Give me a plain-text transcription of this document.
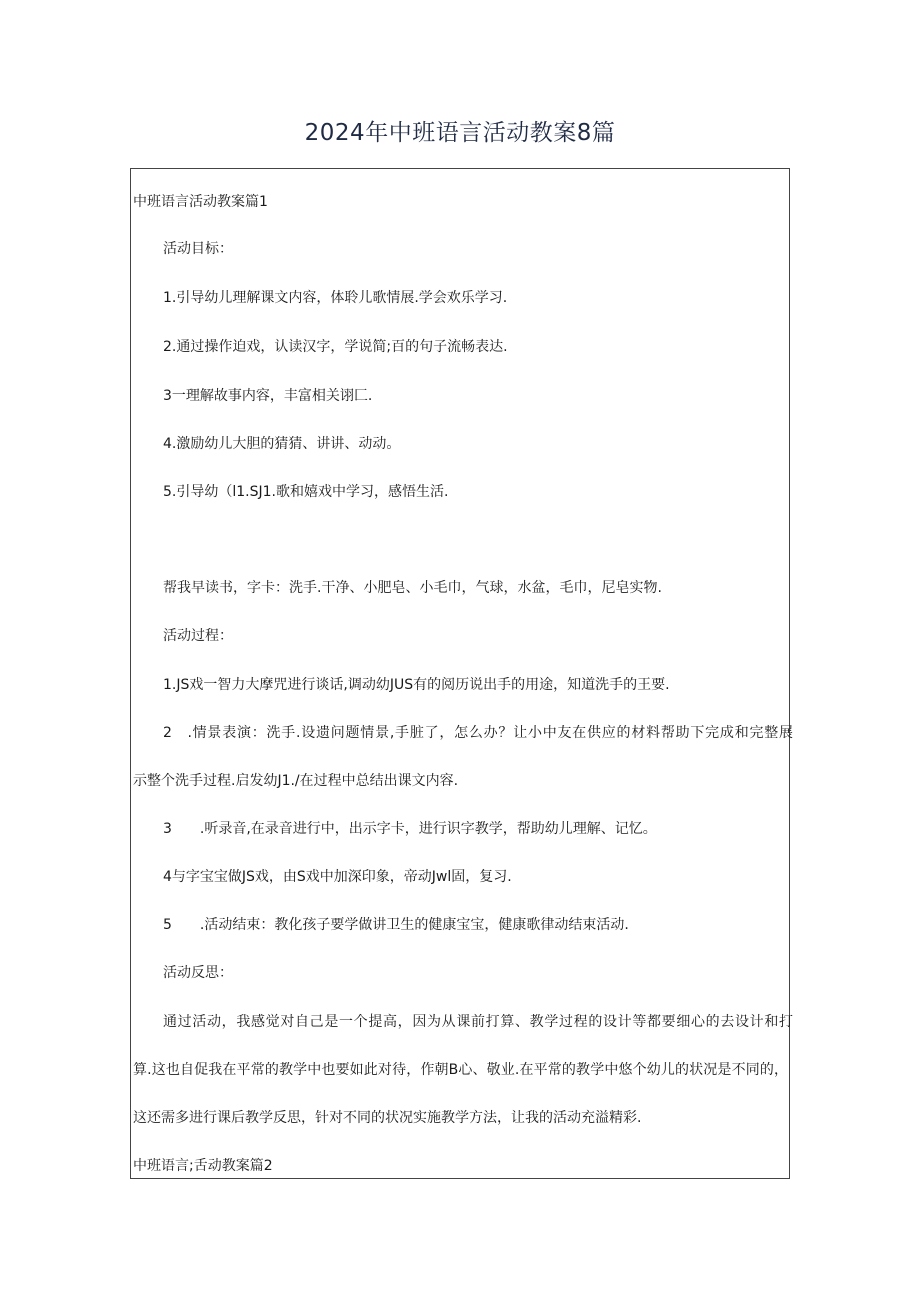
2024年中班语言活动教案8篇
中班语言活动教案篇1
活动目标：
1.引导幼儿理解课文内容，体聆儿歌情展.学会欢乐学习.
2.通过操作迫戏，认读汉字，学说简;百的句子流畅表达.
3一理解故事内容，丰富相关诩匚.
4.激励幼儿大胆的猜猜、讲讲、动动。
5.引导幼（l1.SJ1.歌和嬉戏中学习，感悟生活.
帮我早读书，字卡：洗手.干净、小肥皂、小毛巾，气球，水盆，毛巾，尼皂实物.
活动过程：
1.JS戏一智力大摩咒进行谈话,调动幼JUS有的阅历说出手的用途，知道洗手的王要.
2　.情景表演：洗手.设遗问题情景,手脏了，怎么办？让小中友在供应的材料帮助下完成和完整展
示整个洗手过程.启发幼J1./在过程中总结出课文内容.
3　　.听录音,在录音进行中，出示字卡，进行识字教学，帮助幼儿理解、记忆。
4与字宝宝做JS戏，由S戏中加深印象，帝动Jwl固，复习.
5　　.活动结束：教化孩子要学做讲卫生的健康宝宝，健康歌律动结束活动.
活动反思：
通过活动，我感觉对自己是一个提高，因为从课前打算、教学过程的设计等都要细心的去设计和打
算.这也自促我在平常的教学中也要如此对待，作朝B心、敬业.在平常的教学中悠个幼儿的状况是不同的，
这还需多进行课后教学反思，针对不同的状况实施教学方法，让我的活动充溢精彩.
中班语言;舌动教案篇2
